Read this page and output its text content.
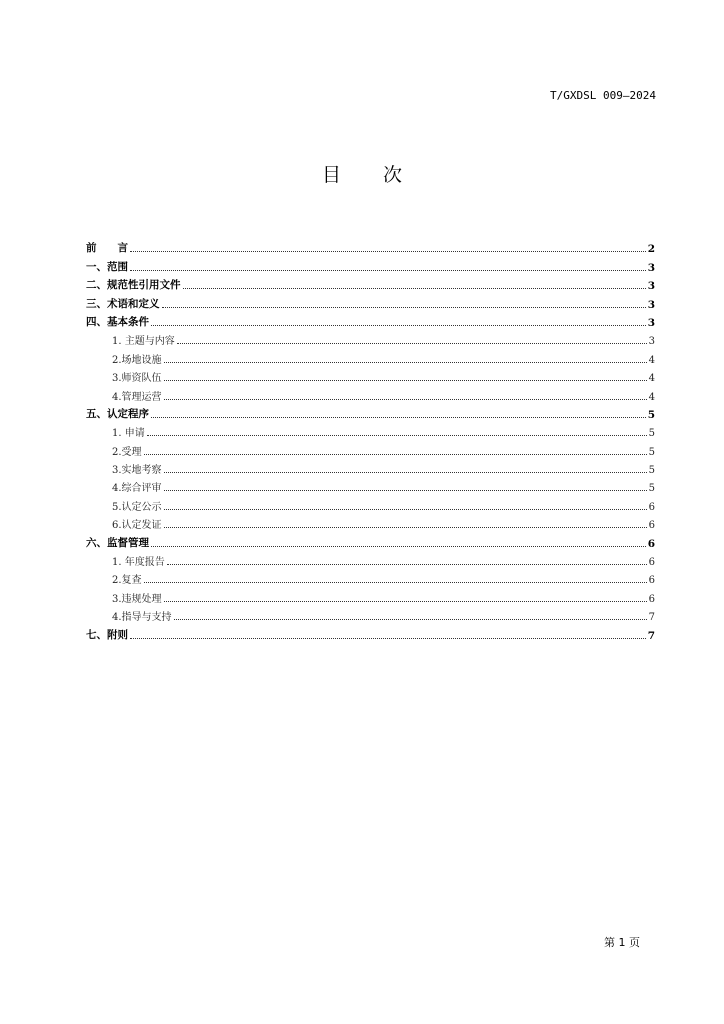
T/GXDSL 009—2024
目 次
前　　言	2
一、范围	3
二、规范性引用文件	3
三、术语和定义	3
四、基本条件	3
1. 主题与内容	3
2.场地设施	4
3.师资队伍	4
4.管理运营	4
五、认定程序	5
1. 申请	5
2.受理	5
3.实地考察	5
4.综合评审	5
5.认定公示	6
6.认定发证	6
六、监督管理	6
1. 年度报告	6
2.复查	6
3.违规处理	6
4.指导与支持	7
七、附则	7
第 1 页
